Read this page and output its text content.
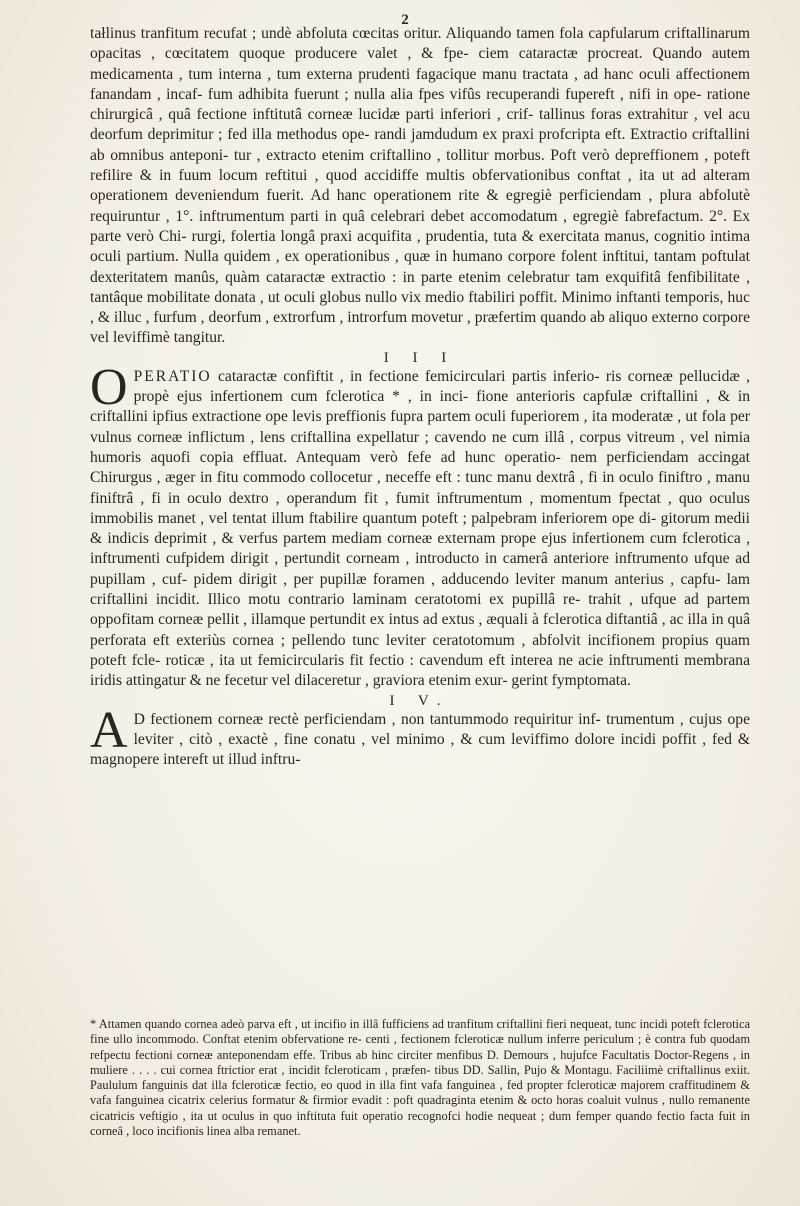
2

tałlinus tranfitum recufat ; undè abfoluta cœcitas oritur. Aliquando tamen fola capfularum criftallinarum opacitas , cœcitatem quoque producere valet , & fpe- ciem cataractæ procreat. Quando autem medicamenta , tum interna , tum externa prudenti fagacique manu tractata , ad hanc oculi affectionem fanandam , incaf- fum adhibita fuerunt ; nulla alia fpes vifûs recuperandi fupereft , nifi in ope- ratione chirurgicâ , quâ fectione inftitutâ corneæ lucidæ parti inferiori , crif- tallinus foras extrahitur , vel acu deorfum deprimitur ; fed illa methodus ope- randi jamdudum ex praxi profcripta eft. Extractio criftallini ab omnibus anteponi- tur , extracto etenim criftallino , tollitur morbus. Poft verò depreffionem , poteft refilire & in fuum locum reftitui , quod accidiffe multis obfervationibus conftat , ita ut ad alteram operationem deveniendum fuerit. Ad hanc operationem rite & egregiè perficiendam , plura abfolutè requiruntur , 1°. inftrumentum parti in quâ celebrari debet accomodatum , egregiè fabrefactum. 2°. Ex parte verò Chi- rurgi, folertia longâ praxi acquifita , prudentia, tuta & exercitata manus, cognitio intima oculi partium. Nulla quidem , ex operationibus , quæ in humano corpore folent inftitui, tantam poftulat dexteritatem manûs, quàm cataractæ extractio : in parte etenim celebratur tam exquifitâ fenfibilitate , tantâque mobilitate donata , ut oculi globus nullo vix medio ftabiliri poffit. Minimo inftanti temporis, huc , & illuc , furfum , deorfum , extrorfum , introrfum movetur , præfertim quando ab aliquo externo corpore vel leviffimè tangitur.

I I I

OPERATIO cataractæ confiftit , in fectione femicirculari partis inferio- ris corneæ pellucidæ , propè ejus infertionem cum fclerotica * , in inci- fione anterioris capfulæ criftallini , & in criftallini ipfius extractione ope levis preffionis fupra partem oculi fuperiorem , ita moderatæ , ut fola per vulnus corneæ inflictum , lens criftallina expellatur ; cavendo ne cum illâ , corpus vitreum , vel nimia humoris aquofi copia effluat. Antequam verò fefe ad hunc operatio- nem perficiendam accingat Chirurgus , æger in fitu commodo collocetur , neceffe eft : tunc manu dextrâ , fi in oculo finiftro , manu finiftrâ , fi in oculo dextro , operandum fit , fumit inftrumentum , momentum fpectat , quo oculus immobilis manet , vel tentat illum ftabilire quantum poteft ; palpebram inferiorem ope di- gitorum medii & indicis deprimit , & verfus partem mediam corneæ externam prope ejus infertionem cum fclerotica , inftrumenti cufpidem dirigit , pertundit corneam , introducto in camerâ anteriore inftrumento ufque ad pupillam , cuf- pidem dirigit , per pupillæ foramen , adducendo leviter manum anterius , capfu- lam criftallini incidit. Illico motu contrario laminam ceratotomi ex pupillâ re- trahit , ufque ad partem oppofitam corneæ pellit , illamque pertundit ex intus ad extus , æquali à fclerotica diftantiâ , ac illa in quâ perforata eft exteriùs cornea ; pellendo tunc leviter ceratotomum , abfolvit incifionem propius quam poteft fcle- roticæ , ita ut femicircularis fit fectio : cavendum eft interea ne acie inftrumenti membrana iridis attingatur & ne fecetur vel dilaceretur , graviora etenim exur- gerint fymptomata.

I V.

A D fectionem corneæ rectè perficiendam , non tantummodo requiritur inf- trumentum , cujus ope leviter , citò , exactè , fine conatu , vel minimo , & cum leviffimo dolore incidi poffit , fed & magnopere intereft ut illud inftru-

* Attamen quando cornea adeò parva eft , ut incifio in illâ fufficiens ad tranfitum criftallini fieri nequeat, tunc incidi poteft fclerotica fine ullo incommodo. Conftat etenim obfervatione re- centi , fectionem fcleroticæ nullum inferre periculum ; è contra fub quodam refpectu fectioni corneæ anteponendam effe. Tribus ab hinc circiter menfibus D. Demours , hujufce Facultatis Doctor-Regens , in muliere . . . . cui cornea ftrictior erat , incidit fcleroticam , præfen- tibus DD. Sallin, Pujo & Montagu. Faciliimè criftallinus exiit. Paululum fanguinis dat illa fcleroticæ fectio, eo quod in illa fint vafa fanguinea , fed propter fcleroticæ majorem craffitudinem & vafa fanguinea cicatrix celerius formatur & firmior evadit : poft quadraginta etenim & octo horas coaluit vulnus , nullo remanente cicatricis veftigio , ita ut oculus in quo inftituta fuit operatio recognofci hodie nequeat ; dum femper quando fectio facta fuit in corneâ , loco incifionis linea alba remanet.
